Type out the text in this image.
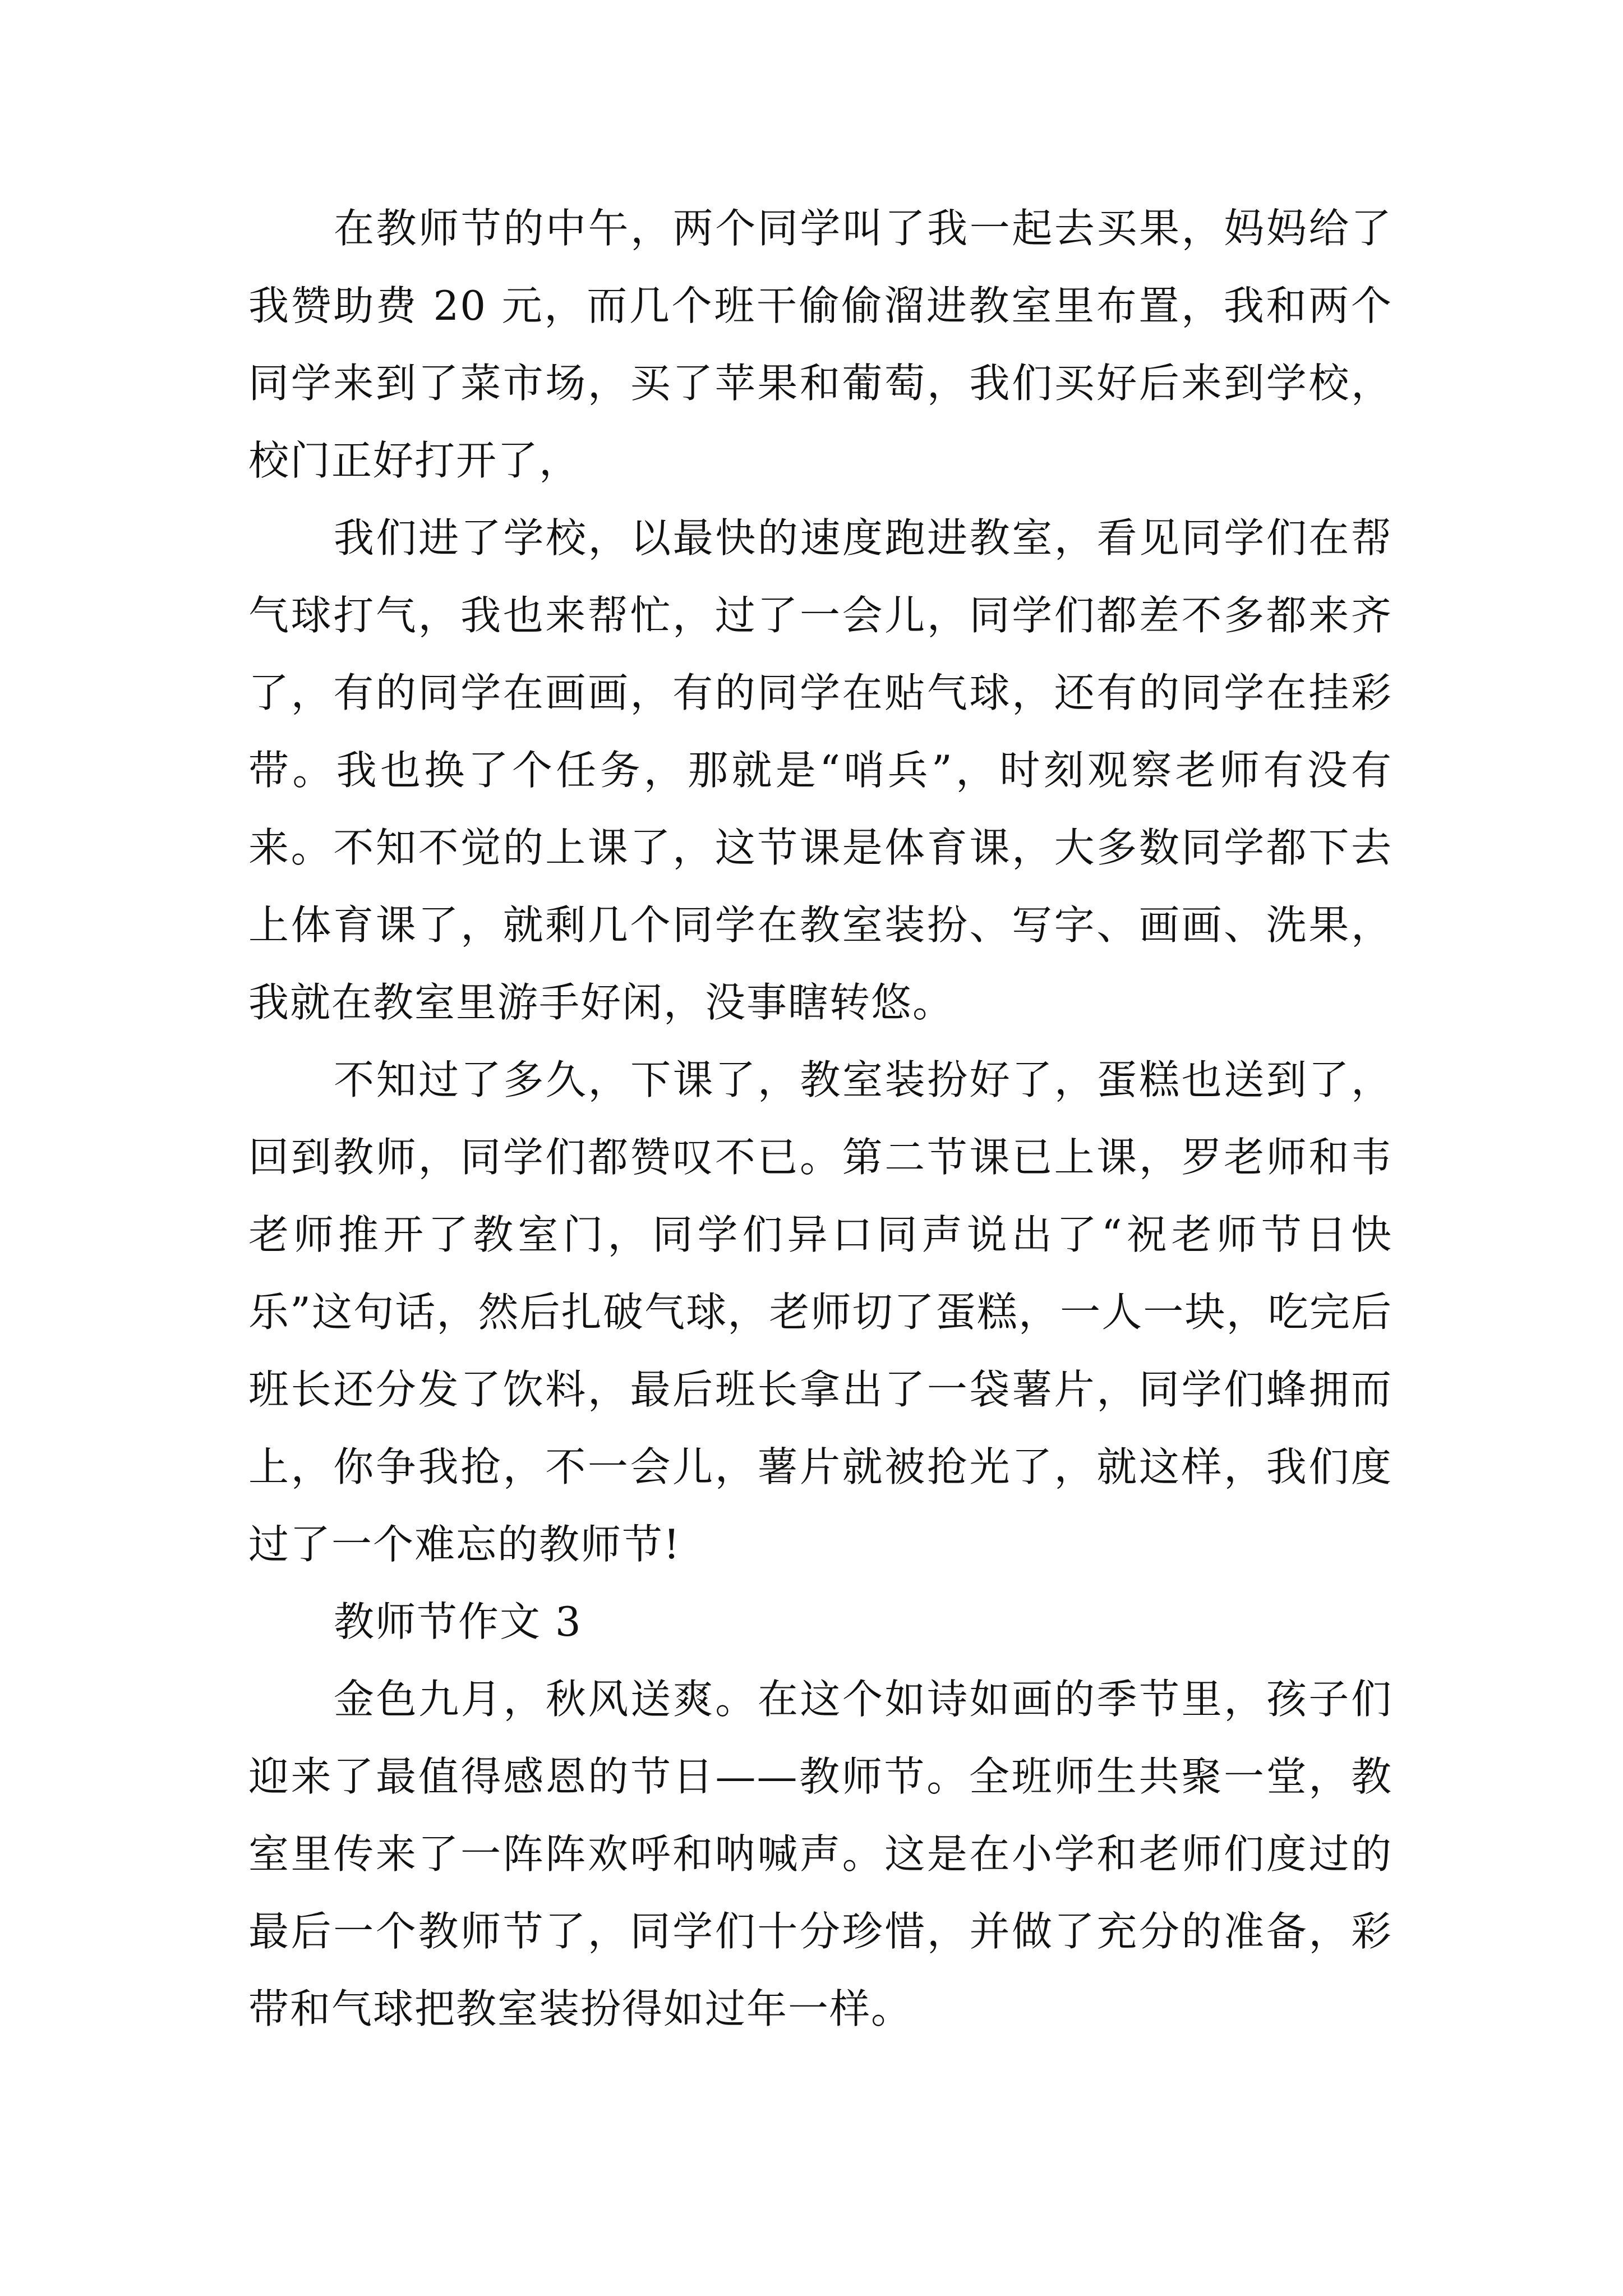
在教师节的中午，两个同学叫了我一起去买果，妈妈给了我赞助费 20 元，而几个班干偷偷溜进教室里布置，我和两个同学来到了菜市场，买了苹果和葡萄，我们买好后来到学校，校门正好打开了，

我们进了学校，以最快的速度跑进教室，看见同学们在帮气球打气，我也来帮忙，过了一会儿，同学们都差不多都来齐了，有的同学在画画，有的同学在贴气球，还有的同学在挂彩带。我也换了个任务，那就是“哨兵”，时刻观察老师有没有来。不知不觉的上课了，这节课是体育课，大多数同学都下去上体育课了，就剩几个同学在教室装扮、写字、画画、洗果，我就在教室里游手好闲，没事瞎转悠。

不知过了多久，下课了，教室装扮好了，蛋糕也送到了，回到教师，同学们都赞叹不已。第二节课已上课，罗老师和韦老师推开了教室门，同学们异口同声说出了“祝老师节日快乐”这句话，然后扎破气球，老师切了蛋糕，一人一块，吃完后班长还分发了饮料，最后班长拿出了一袋薯片，同学们蜂拥而上，你争我抢，不一会儿，薯片就被抢光了，就这样，我们度过了一个难忘的教师节!

教师节作文 3

金色九月，秋风送爽。在这个如诗如画的季节里，孩子们迎来了最值得感恩的节日——教师节。全班师生共聚一堂，教室里传来了一阵阵欢呼和呐喊声。这是在小学和老师们度过的最后一个教师节了，同学们十分珍惜，并做了充分的准备，彩带和气球把教室装扮得如过年一样。
